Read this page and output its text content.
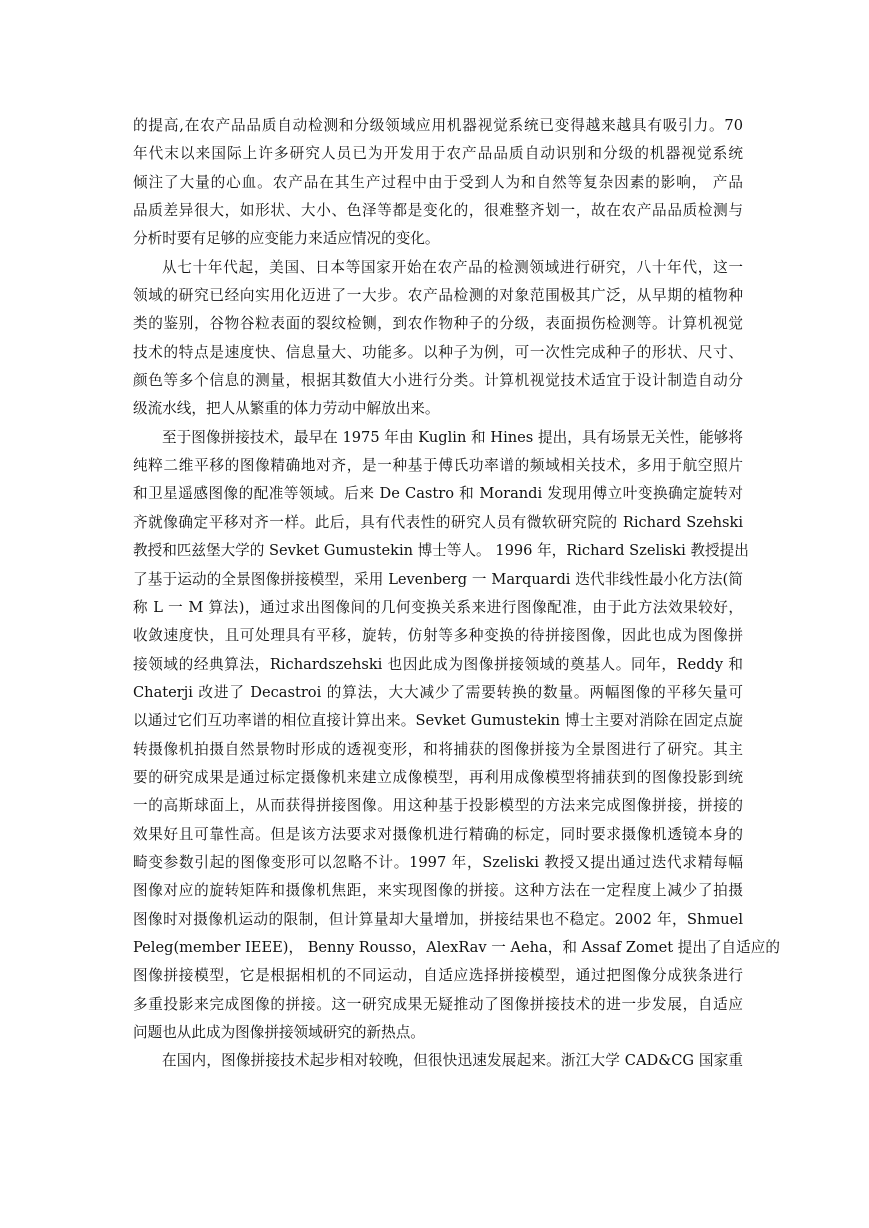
的提高,在农产品品质自动检测和分级领域应用机器视觉系统已变得越来越具有吸引力。70
年代末以来国际上许多研究人员已为开发用于农产品品质自动识别和分级的机器视觉系统
倾注了大量的心血。农产品在其生产过程中由于受到人为和自然等复杂因素的影响， 产品
品质差异很大，如形状、大小、色泽等都是变化的，很难整齐划一，故在农产品品质检测与
分析时要有足够的应变能力来适应情况的变化。
从七十年代起，美国、日本等国家开始在农产品的检测领域进行研究，八十年代，这一
领域的研究已经向实用化迈进了一大步。农产品检测的对象范围极其广泛，从早期的植物种
类的鉴别，谷物谷粒表面的裂纹检铡，到农作物种子的分级，表面损伤检测等。计算机视觉
技术的特点是速度快、信息量大、功能多。以种子为例，可一次性完成种子的形状、尺寸、
颜色等多个信息的测量，根据其数值大小进行分类。计算机视觉技术适宜于设计制造自动分
级流水线，把人从繁重的体力劳动中解放出来。
至于图像拼接技术，最早在 1975 年由 Kuglin 和 Hines 提出，具有场景无关性，能够将
纯粹二维平移的图像精确地对齐，是一种基于傅氏功率谱的频域相关技术，多用于航空照片
和卫星遥感图像的配准等领域。后来 De Castro 和 Morandi 发现用傅立叶变换确定旋转对
齐就像确定平移对齐一样。此后，具有代表性的研究人员有微软研究院的 Richard Szehski
教授和匹兹堡大学的 Sevket Gumustekin 博士等人。 1996 年，Richard Szeliski 教授提出
了基于运动的全景图像拼接模型，采用 Levenberg 一 Marquardi 迭代非线性最小化方法(简
称 L 一 M 算法)，通过求出图像间的几何变换关系来进行图像配准，由于此方法效果较好，
收敛速度快，且可处理具有平移，旋转，仿射等多种变换的待拼接图像，因此也成为图像拼
接领域的经典算法，Richardszehski 也因此成为图像拼接领域的奠基人。同年，Reddy 和
Chaterji 改进了 Decastroi 的算法，大大减少了需要转换的数量。两幅图像的平移矢量可
以通过它们互功率谱的相位直接计算出来。Sevket Gumustekin 博士主要对消除在固定点旋
转摄像机拍摄自然景物时形成的透视变形，和将捕获的图像拼接为全景图进行了研究。其主
要的研究成果是通过标定摄像机来建立成像模型，再利用成像模型将捕获到的图像投影到统
一的高斯球面上，从而获得拼接图像。用这种基于投影模型的方法来完成图像拼接，拼接的
效果好且可靠性高。但是该方法要求对摄像机进行精确的标定，同时要求摄像机透镜本身的
畸变参数引起的图像变形可以忽略不计。1997 年，Szeliski 教授又提出通过迭代求精每幅
图像对应的旋转矩阵和摄像机焦距，来实现图像的拼接。这种方法在一定程度上减少了拍摄
图像时对摄像机运动的限制，但计算量却大量增加，拼接结果也不稳定。2002 年，Shmuel
Peleg(member IEEE)， Benny Rousso，AlexRav 一 Aeha，和 Assaf Zomet 提出了自适应的
图像拼接模型，它是根据相机的不同运动，自适应选择拼接模型，通过把图像分成狭条进行
多重投影来完成图像的拼接。这一研究成果无疑推动了图像拼接技术的进一步发展，自适应
问题也从此成为图像拼接领域研究的新热点。
在国内，图像拼接技术起步相对较晚，但很快迅速发展起来。浙江大学 CAD&CG 国家重
